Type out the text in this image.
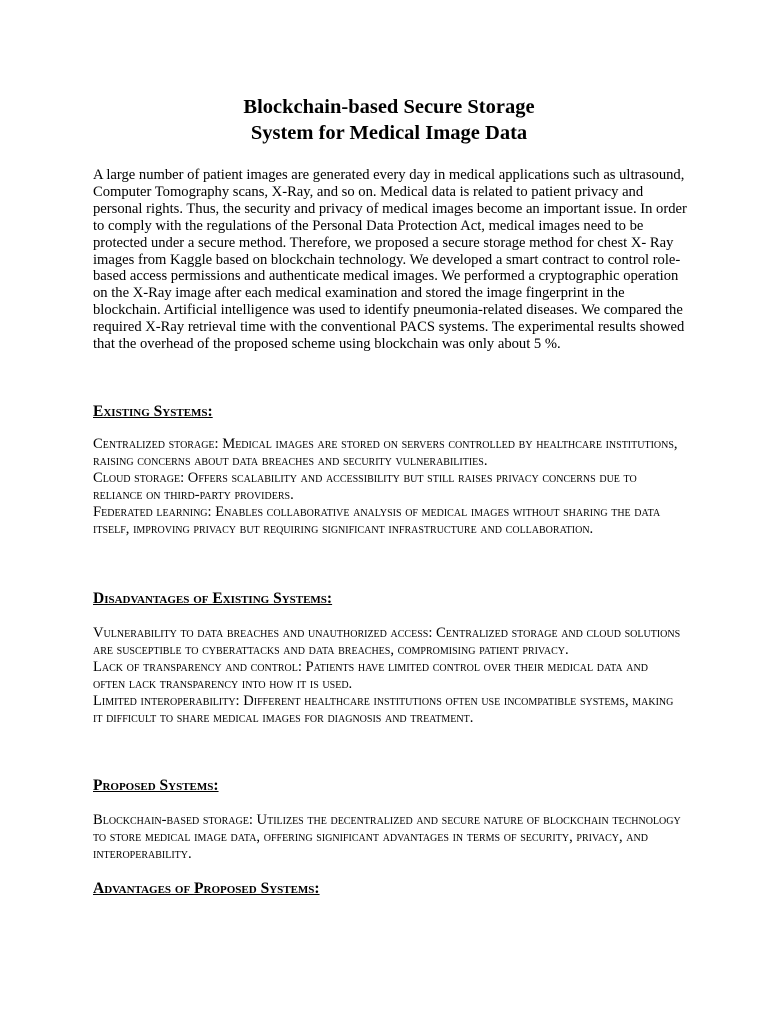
Blockchain-based Secure Storage
System for Medical Image Data

A large number of patient images are generated every day in medical applications such as ultrasound, Computer Tomography scans, X-Ray, and so on. Medical data is related to patient privacy and personal rights. Thus, the security and privacy of medical images become an important issue. In order to comply with the regulations of the Personal Data Protection Act, medical images need to be protected under a secure method. Therefore, we proposed a secure storage method for chest X- Ray images from Kaggle based on blockchain technology. We developed a smart contract to control role-based access permissions and authenticate medical images. We performed a cryptographic operation on the X-Ray image after each medical examination and stored the image fingerprint in the blockchain. Artificial intelligence was used to identify pneumonia-related diseases. We compared the required X-Ray retrieval time with the conventional PACS systems. The experimental results showed that the overhead of the proposed scheme using blockchain was only about 5 %.

Existing Systems:

Centralized storage: Medical images are stored on servers controlled by healthcare institutions, raising concerns about data breaches and security vulnerabilities.

Cloud storage: Offers scalability and accessibility but still raises privacy concerns due to reliance on third-party providers.

Federated learning: Enables collaborative analysis of medical images without sharing the data itself, improving privacy but requiring significant infrastructure and collaboration.

Disadvantages of Existing Systems:

Vulnerability to data breaches and unauthorized access: Centralized storage and cloud solutions are susceptible to cyberattacks and data breaches, compromising patient privacy.

Lack of transparency and control: Patients have limited control over their medical data and often lack transparency into how it is used.

Limited interoperability: Different healthcare institutions often use incompatible systems, making it difficult to share medical images for diagnosis and treatment.

Proposed Systems:

Blockchain-based storage: Utilizes the decentralized and secure nature of blockchain technology to store medical image data, offering significant advantages in terms of security, privacy, and interoperability.

Advantages of Proposed Systems:
